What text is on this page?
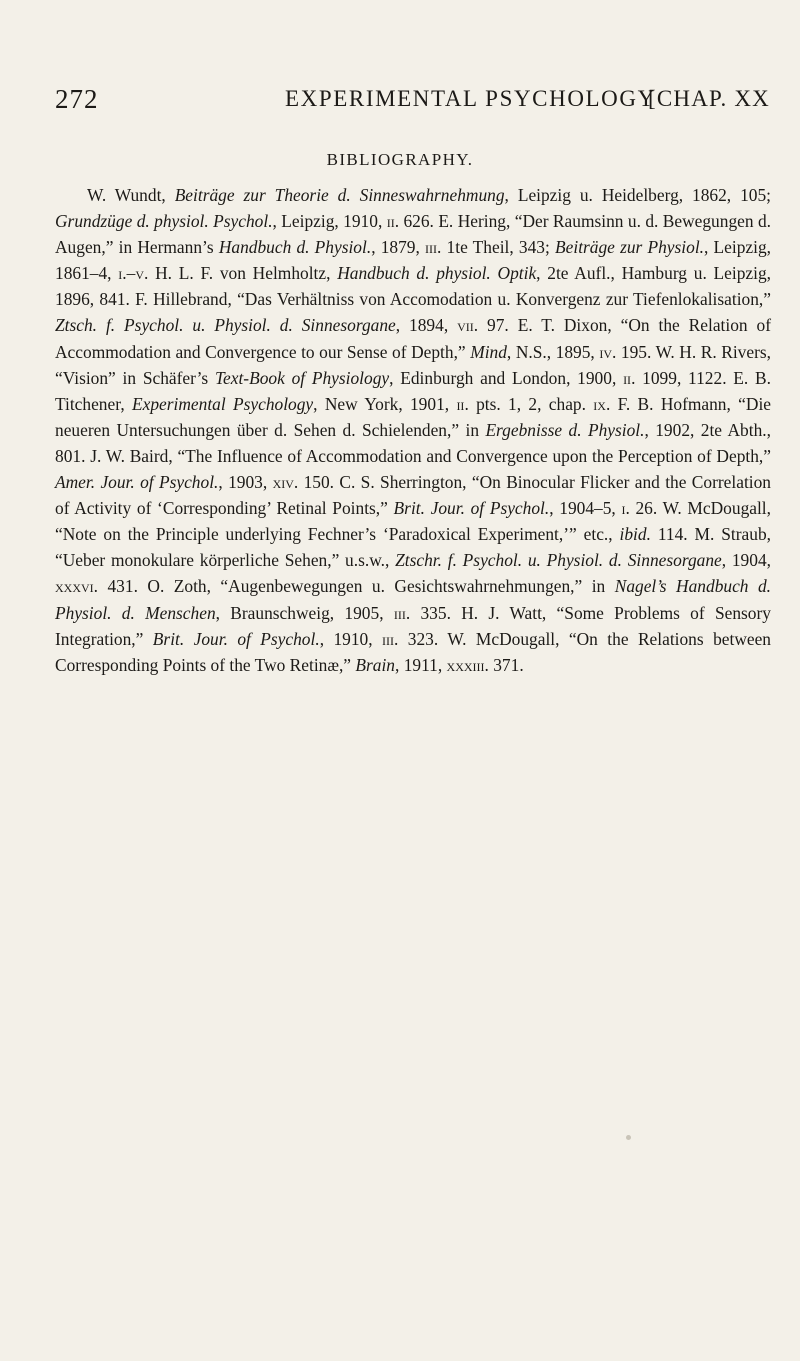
272	EXPERIMENTAL PSYCHOLOGY
[CHAP. XX
BIBLIOGRAPHY.

W. Wundt, Beiträge zur Theorie d. Sinneswahrnehmung, Leipzig u. Heidelberg, 1862, 105; Grundzüge d. physiol. Psychol., Leipzig, 1910, ii. 626. E. Hering, “Der Raumsinn u. d. Bewegungen d. Augen,” in Hermann’s Handbuch d. Physiol., 1879, iii. 1te Theil, 343; Beiträge zur Physiol., Leipzig, 1861–4, i.–v. H. L. F. von Helmholtz, Handbuch d. physiol. Optik, 2te Aufl., Hamburg u. Leipzig, 1896, 841. F. Hillebrand, “Das Verhältniss von Accomodation u. Konvergenz zur Tiefenlokalisation,” Ztsch. f. Psychol. u. Physiol. d. Sinnesorgane, 1894, vii. 97. E. T. Dixon, “On the Relation of Accommodation and Convergence to our Sense of Depth,” Mind, N.S., 1895, iv. 195. W. H. R. Rivers, “Vision” in Schäfer’s Text-Book of Physiology, Edinburgh and London, 1900, ii. 1099, 1122. E. B. Titchener, Experimental Psychology, New York, 1901, ii. pts. 1, 2, chap. ix. F. B. Hofmann, “Die neueren Untersuchungen über d. Sehen d. Schielenden,” in Ergebnisse d. Physiol., 1902, 2te Abth., 801. J. W. Baird, “The Influence of Accommodation and Convergence upon the Perception of Depth,” Amer. Jour. of Psychol., 1903, xiv. 150. C. S. Sherrington, “On Binocular Flicker and the Correlation of Activity of ‘Corresponding’ Retinal Points,” Brit. Jour. of Psychol., 1904–5, i. 26. W. McDougall, “Note on the Principle underlying Fechner’s ‘Paradoxical Experiment,’” etc., ibid. 114. M. Straub, “Ueber monokulare körperliche Sehen,” u.s.w., Ztschr. f. Psychol. u. Physiol. d. Sinnesorgane, 1904, xxxvi. 431. O. Zoth, “Augenbewegungen u. Gesichtswahrnehmungen,” in Nagel’s Handbuch d. Physiol. d. Menschen, Braunschweig, 1905, iii. 335. H. J. Watt, “Some Problems of Sensory Integration,” Brit. Jour. of Psychol., 1910, iii. 323. W. McDougall, “On the Relations between Corresponding Points of the Two Retinæ,” Brain, 1911, xxxiii. 371.
